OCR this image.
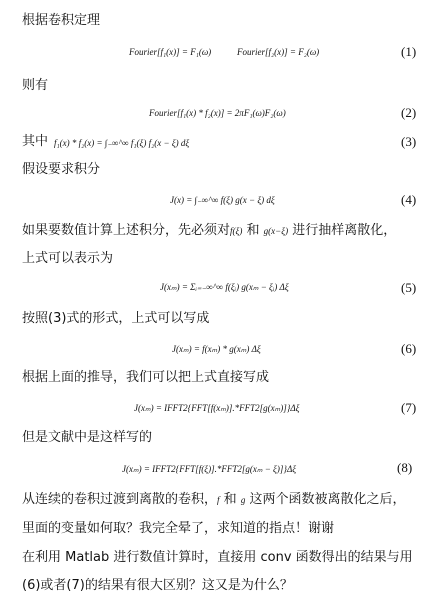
根据卷积定理
Fourier[f₁(x)] = F₁(ω)	Fourier[f₂(x)] = F₂(ω)	(1)
则有
Fourier[f₁(x) * f₂(x)] = 2πF₁(ω)F₂(ω)	(2)
其中 f₁(x) * f₂(x) = ∫₋∞^∞ f₁(ξ) f₂(x − ξ) dξ	(3)
假设要求积分
J(x) = ∫₋∞^∞ f(ξ) g(x − ξ) dξ	(4)
如果要数值计算上述积分，先必须对f(ξ) 和 g(x−ξ) 进行抽样离散化，
上式可以表示为
J(xₘ) = Σᵢ₌₋∞^∞ f(ξᵢ) g(xₘ − ξᵢ) Δξ	(5)
按照(3)式的形式，上式可以写成
J(xₘ) = f(xₘ) * g(xₘ) Δξ	(6)
根据上面的推导，我们可以把上式直接写成
J(xₘ) = IFFT2{FFT[f(xₘ)].*FFT2[g(xₘ)]}Δξ	(7)
但是文献中是这样写的
J(xₘ) = IFFT2{FFT[f(ξ)].*FFT2[g(xₘ − ξ)]}Δξ	(8)
从连续的卷积过渡到离散的卷积，f 和 g 这两个函数被离散化之后，
里面的变量如何取？我完全晕了，求知道的指点！谢谢
在利用 Matlab 进行数值计算时，直接用 conv 函数得出的结果与用
(6)或者(7)的结果有很大区别？这又是为什么？
